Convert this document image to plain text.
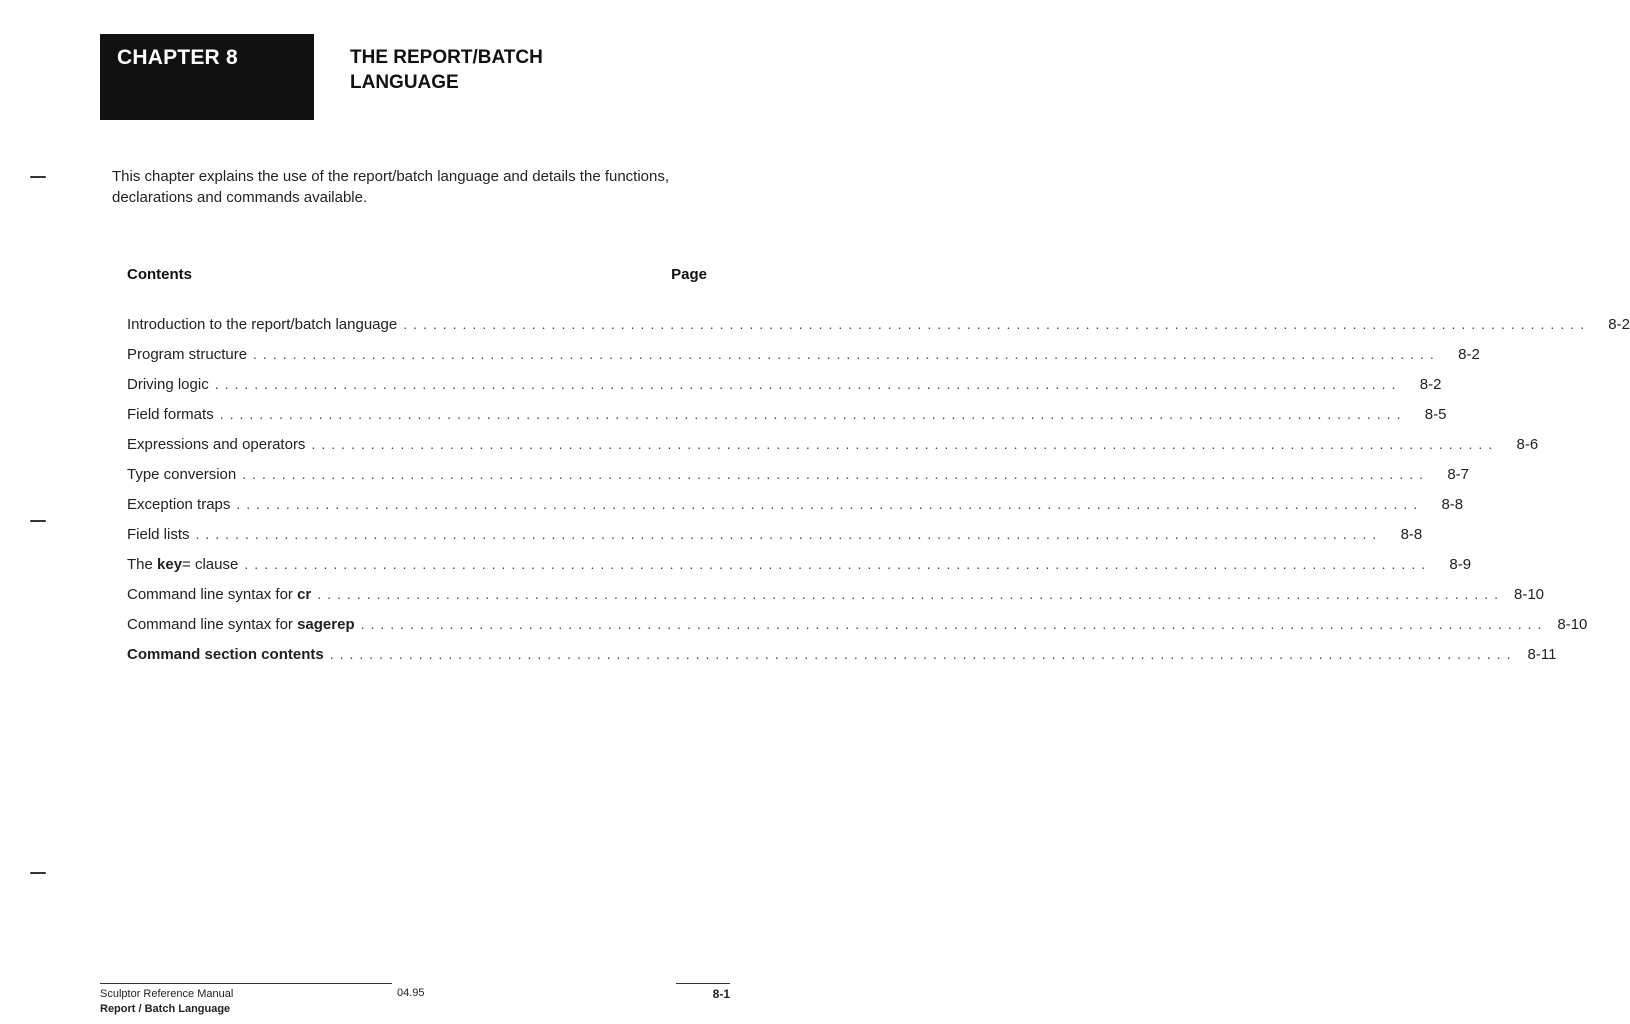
CHAPTER 8	THE REPORT/BATCH
LANGUAGE

This chapter explains the use of the report/batch language and details the functions, declarations and commands available.

Contents	Page
Introduction to the report/batch language ........................................................................................................................	8-2
Program structure ........................................................................................................................	8-2
Driving logic ........................................................................................................................	8-2
Field formats ........................................................................................................................	8-5
Expressions and operators ........................................................................................................................	8-6
Type conversion ........................................................................................................................	8-7
Exception traps ........................................................................................................................	8-8
Field lists ........................................................................................................................	8-8
The key= clause ........................................................................................................................	8-9
Command line syntax for cr ........................................................................................................................ 8-10
Command line syntax for sagerep ........................................................................................................................ 8-10
Command section contents ........................................................................................................................ 8-11
Sculptor Reference Manual
Report / Batch Language
04.95	8-1
